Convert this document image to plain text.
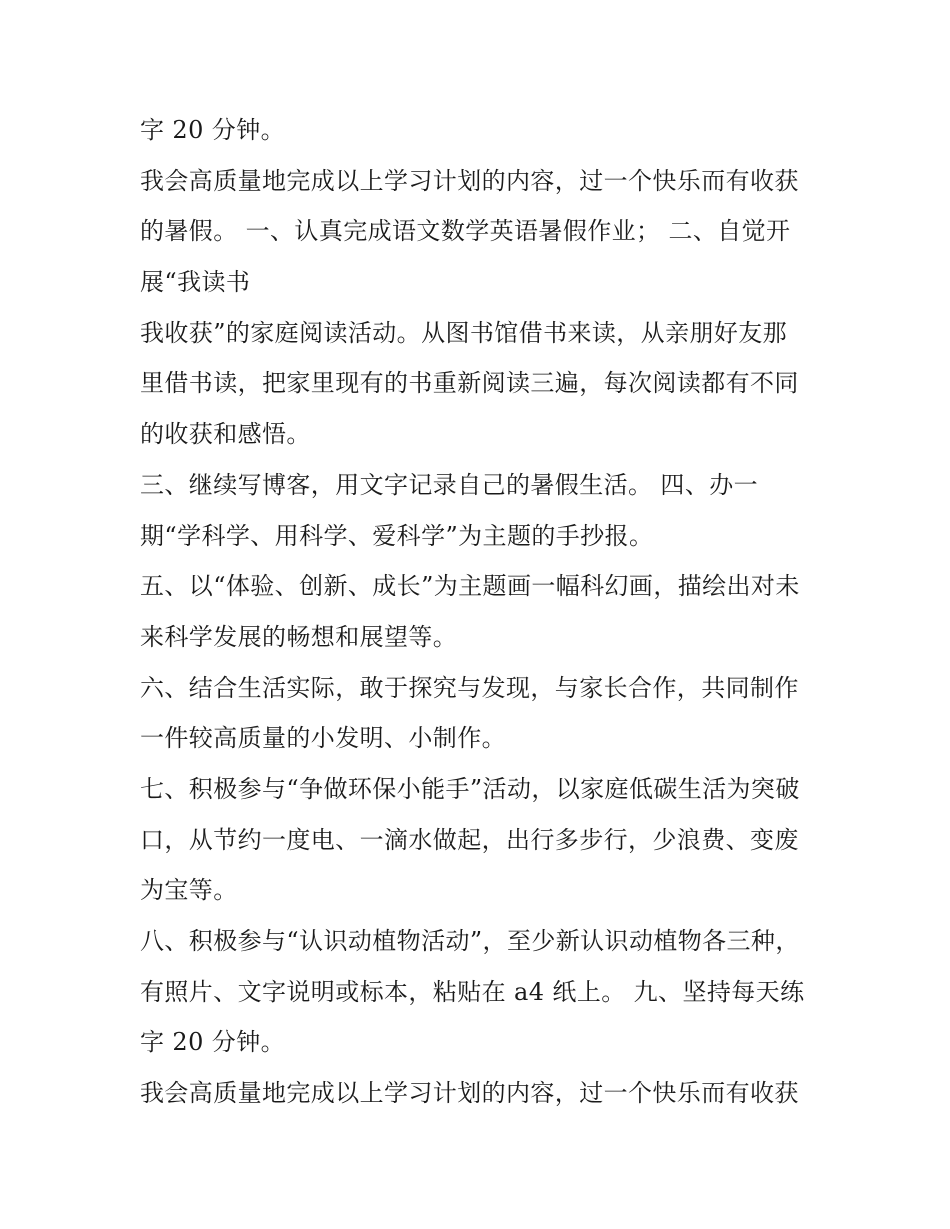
字 20 分钟。
我会高质量地完成以上学习计划的内容，过一个快乐而有收获
的暑假。 一、认真完成语文数学英语暑假作业； 二、自觉开
展“我读书
我收获”的家庭阅读活动。从图书馆借书来读，从亲朋好友那
里借书读，把家里现有的书重新阅读三遍，每次阅读都有不同
的收获和感悟。
三、继续写博客，用文字记录自己的暑假生活。 四、办一
期“学科学、用科学、爱科学”为主题的手抄报。
五、以“体验、创新、成长”为主题画一幅科幻画，描绘出对未
来科学发展的畅想和展望等。
六、结合生活实际，敢于探究与发现，与家长合作，共同制作
一件较高质量的小发明、小制作。
七、积极参与“争做环保小能手”活动，以家庭低碳生活为突破
口，从节约一度电、一滴水做起，出行多步行，少浪费、变废
为宝等。
八、积极参与“认识动植物活动”，至少新认识动植物各三种，
有照片、文字说明或标本，粘贴在 a4 纸上。 九、坚持每天练
字 20 分钟。
我会高质量地完成以上学习计划的内容，过一个快乐而有收获
